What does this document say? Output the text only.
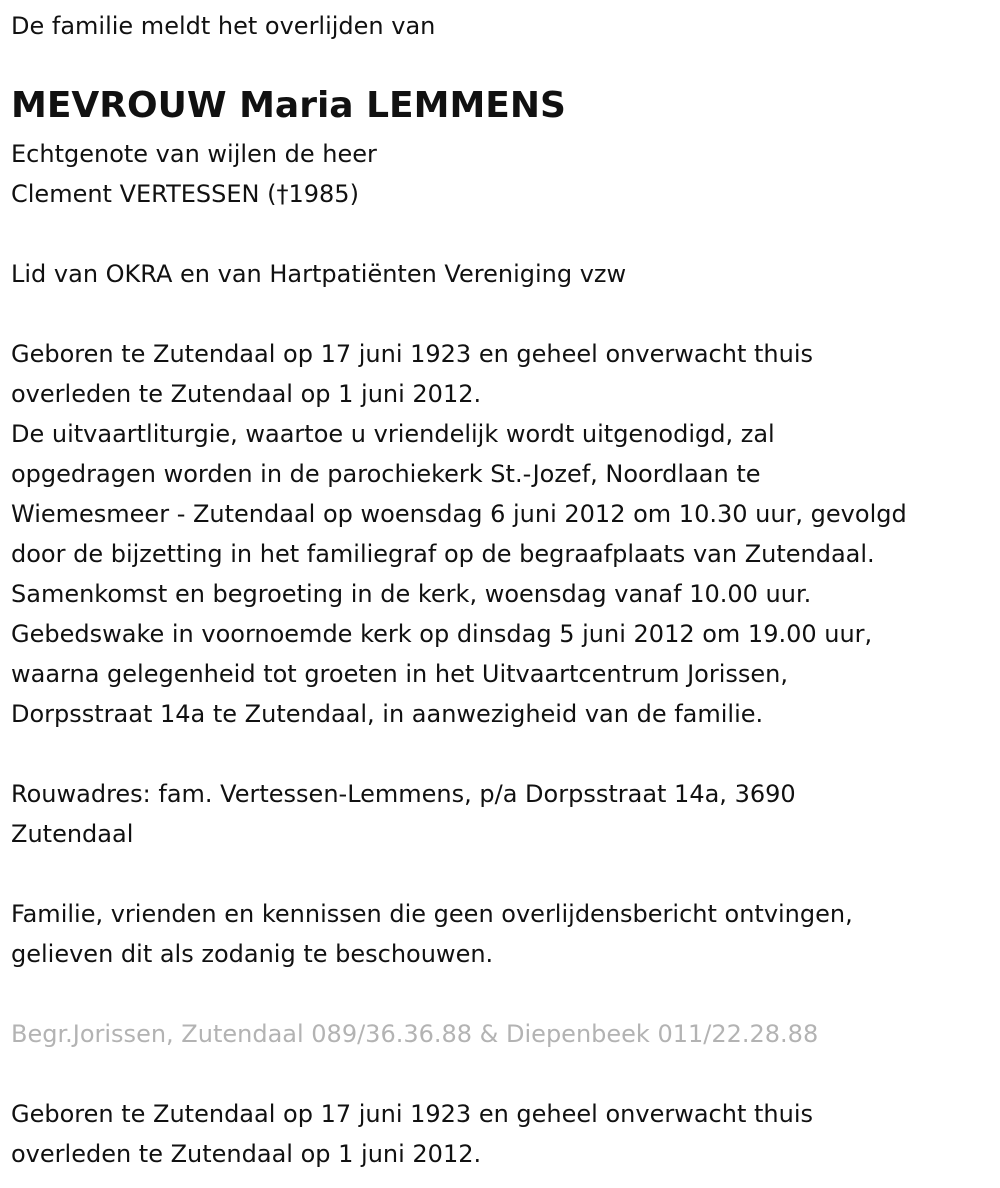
De familie meldt het overlijden van

MEVROUW Maria LEMMENS

Echtgenote van wijlen de heer

Clement VERTESSEN (†1985)

Lid van OKRA en van Hartpatiënten Vereniging vzw

Geboren te Zutendaal op 17 juni 1923 en geheel onverwacht thuis

overleden te Zutendaal op 1 juni 2012.

De uitvaartliturgie, waartoe u vriendelijk wordt uitgenodigd, zal

opgedragen worden in de parochiekerk St.-Jozef, Noordlaan te

Wiemesmeer - Zutendaal op woensdag 6 juni 2012 om 10.30 uur, gevolgd

door de bijzetting in het familiegraf op de begraafplaats van Zutendaal.

Samenkomst en begroeting in de kerk, woensdag vanaf 10.00 uur.

Gebedswake in voornoemde kerk op dinsdag 5 juni 2012 om 19.00 uur,

waarna gelegenheid tot groeten in het Uitvaartcentrum Jorissen,

Dorpsstraat 14a te Zutendaal, in aanwezigheid van de familie.

Rouwadres: fam. Vertessen-Lemmens, p/a Dorpsstraat 14a, 3690

Zutendaal

Familie, vrienden en kennissen die geen overlijdensbericht ontvingen,

gelieven dit als zodanig te beschouwen.

Begr.Jorissen, Zutendaal 089/36.36.88 & Diepenbeek 011/22.28.88

Geboren te Zutendaal op 17 juni 1923 en geheel onverwacht thuis

overleden te Zutendaal op 1 juni 2012.
